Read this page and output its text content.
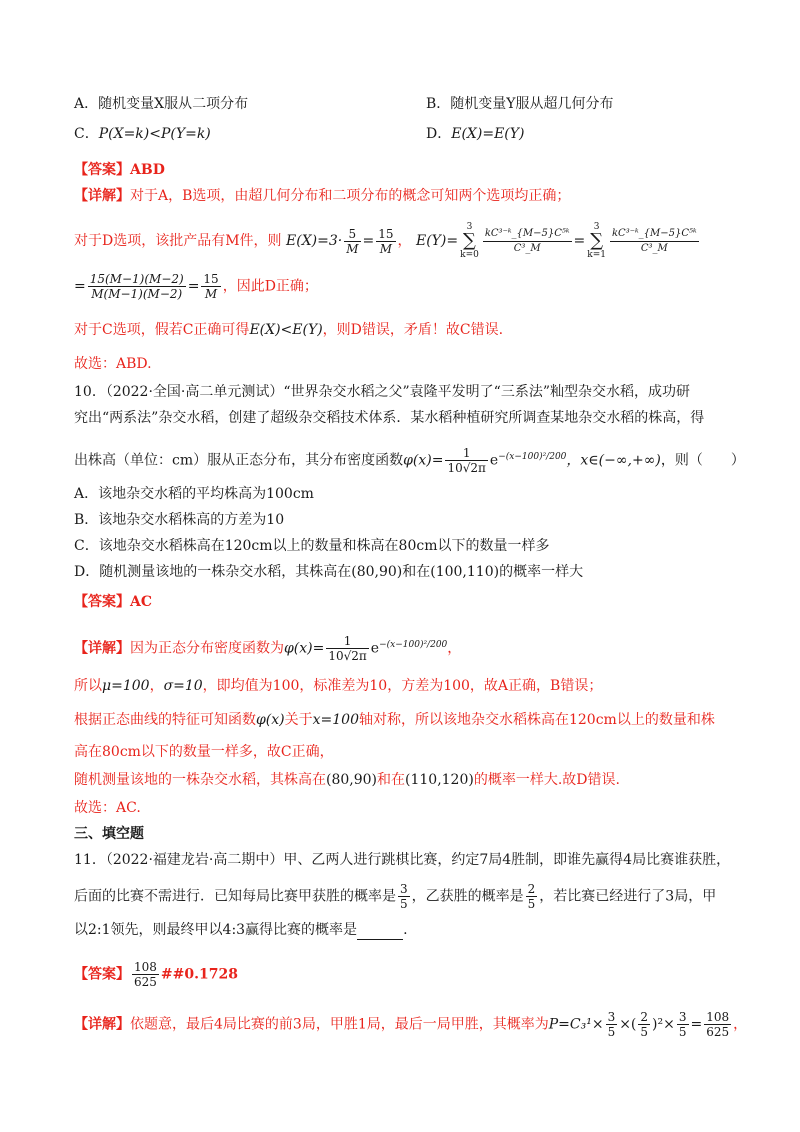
A．随机变量X服从二项分布	B．随机变量Y服从超几何分布
C．P(X=k)<P(Y=k)	D．E(X)=E(Y)
【答案】ABD
【详解】对于A，B选项，由超几何分布和二项分布的概念可知两个选项均正确；
对于D选项，该批产品有M件，则 $E(X)=3\cdot \frac{5}{M} = \frac{15}{M}$ ， E(Y)=3
∑
$k=0 \frac{\text{kC³⁻ᵏ\_\{M−5\}C⁵ᵏ}}{\text{C³\_M}} =3$
∑
$k=1 \frac{\text{kC³⁻ᵏ\_\{M−5\}C⁵ᵏ}}{\text{C³\_M}}$
= $\frac{15(M-1)(M-2)}{M(M-1)(M-2)} = \frac{15}{M}$ ，因此D正确；
对于C选项，假若C正确可得E(X)<E(Y)，则D错误，矛盾！故C错误.
故选：ABD.
10．（2022·全国·高二单元测试）“世界杂交水稻之父”袁隆平发明了“三系法”籼型杂交水稻，成功研
究出“两系法”杂交水稻，创建了超级杂交稻技术体系．某水稻种植研究所调查某地杂交水稻的株高，得
出株高（单位：cm）服从正态分布，其分布密度函数$\varphi(x)= \frac{1}{10√2\pi} e^{-(x-100)^2/200}$，x∈(−∞,+∞)，则（　　）
A．该地杂交水稻的平均株高为100cm
B．该地杂交水稻株高的方差为10
C．该地杂交水稻株高在120cm以上的数量和株高在80cm以下的数量一样多
D．随机测量该地的一株杂交水稻，其株高在(80,90)和在(100,110)的概率一样大
【答案】AC
【详解】因为正态分布密度函数为$\varphi(x)= \frac{1}{10√2\pi} e^{-(x-100)^2/200}$，
所以μ=100，σ=10，即均值为100，标准差为10，方差为100，故A正确，B错误；
根据正态曲线的特征可知函数φ(x)关于x=100轴对称，所以该地杂交水稻株高在120cm以上的数量和株
高在80cm以下的数量一样多，故C正确，
随机测量该地的一株杂交水稻，其株高在(80,90)和在(110,120)的概率一样大.故D错误.
故选：AC.
三、填空题
11．（2022·福建龙岩·高二期中）甲、乙两人进行跳棋比赛，约定7局4胜制，即谁先赢得4局比赛谁获胜，
后面的比赛不需进行．已知每局比赛甲获胜的概率是 $\frac{3}{5}$ ，乙获胜的概率是 $\frac{2}{5}$ ，若比赛已经进行了3局，甲
以2:1领先，则最终甲以4:3赢得比赛的概率是	.
【答案】 $\frac{108}{625}$ ##0.1728
【详解】依题意，最后4局比赛的前3局，甲胜1局，最后一局甲胜，其概率为$P=C_3^1\times \frac{3}{5}$ ×( $\frac{2}{5} )^2\times \frac{3}{5} = \frac{108}{625}$ ，
